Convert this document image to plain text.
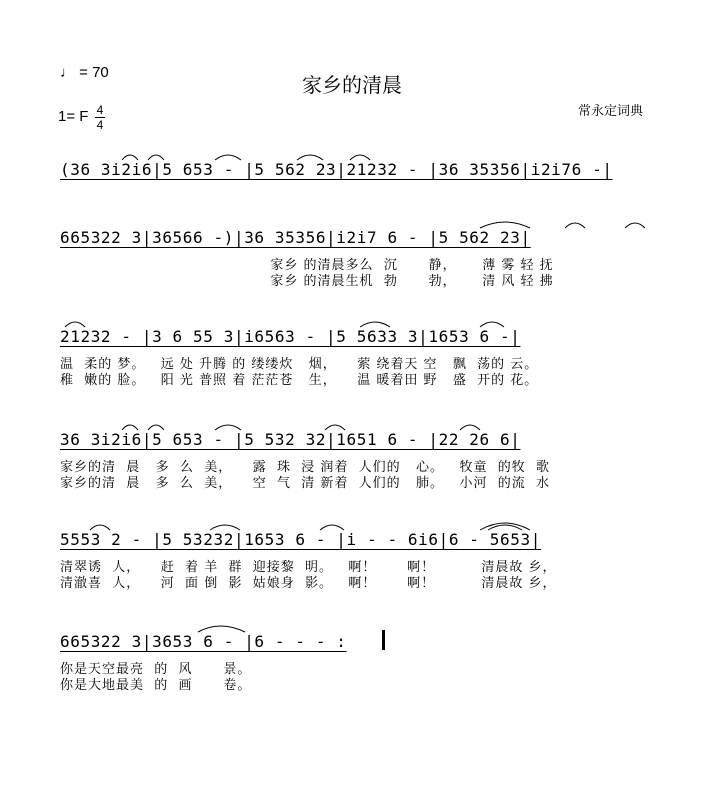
♩ = 70
1= F 4
4
家乡的清晨
常永定词典
(36 3i2i6|5 653 - |5 562 23|21232 - |36 35356|i2i76 -|
665322 3|36566 -)|36 35356|i2i7 6 - |5 562 23|
家乡 的清晨多么  沉      静，     薄 雾 轻 抚
家乡 的清晨生机  勃      勃，     清 风 轻 拂
21232 - |3 6 55 3|i6563 - |5 5633 3|1653 6 -|
温  柔的 梦。   远 处 升腾 的 缕缕炊   烟，    萦 绕着天 空   飘  荡的 云。
稚  嫩的 脸。   阳 光 普照 着 茫茫苍   生，    温 暖着田 野   盛  开的 花。
36 3i2i6|5 653 - |5 532 32|1651 6 - |22 26 6|
家乡的清  晨   多  么  美，    露  珠  浸 润着  人们的   心。   牧童  的牧  歌
家乡的清  晨   多  么  美，    空  气  清 新着  人们的   肺。   小河  的流  水
5553 2 - |5 53232|1653 6 - |i - - 6i6|6 - 5653|
清翠诱  人，    赶  着 羊  群  迎接黎  明。   啊！      啊！         清晨故 乡，
清澈喜  人，    河  面 倒  影  姑娘身  影。   啊！      啊！         清晨故 乡，
665322 3|3653 6 - |6 - - - :
你是天空最亮  的  风      景。
你是大地最美  的  画      卷。
